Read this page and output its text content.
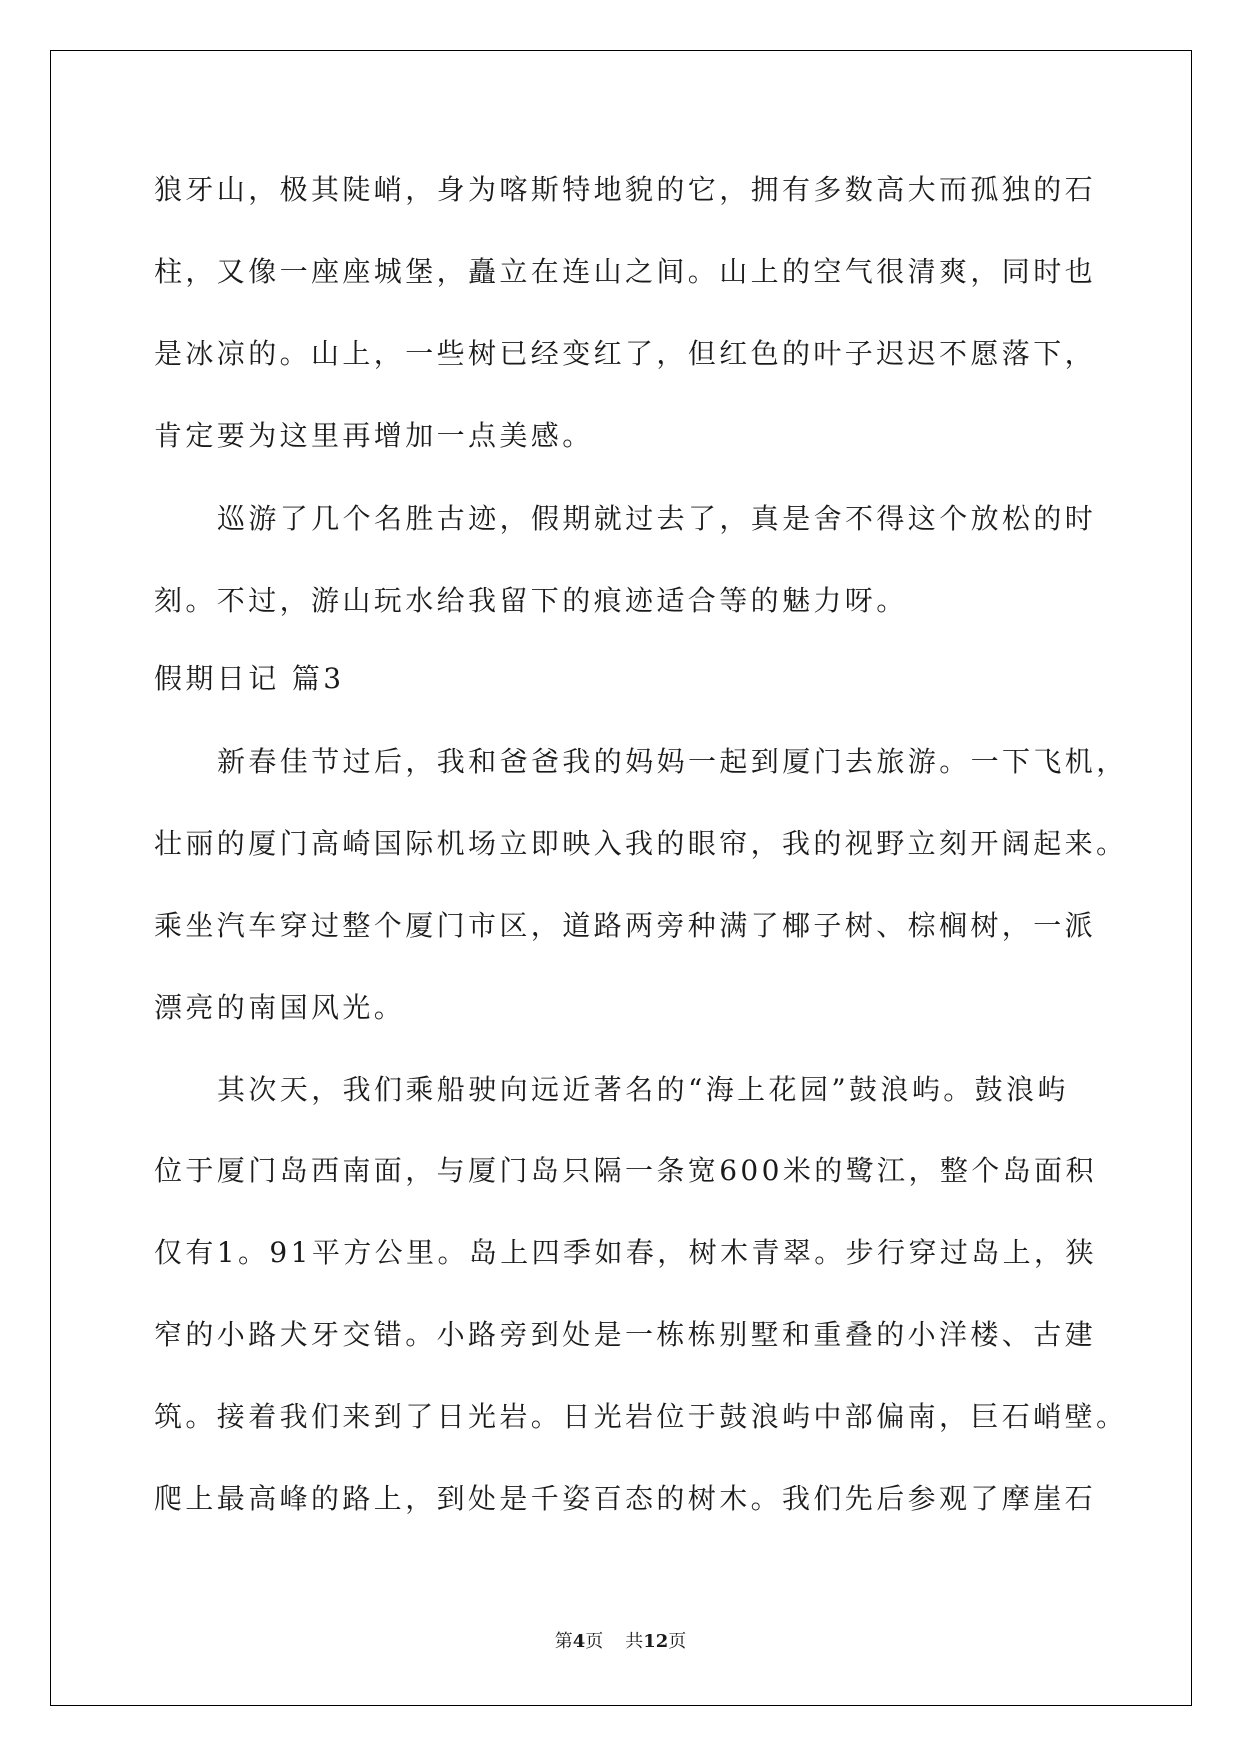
狼牙山，极其陡峭，身为喀斯特地貌的它，拥有多数高大而孤独的石
柱，又像一座座城堡，矗立在连山之间。山上的空气很清爽，同时也
是冰凉的。山上，一些树已经变红了，但红色的叶子迟迟不愿落下，
肯定要为这里再增加一点美感。
巡游了几个名胜古迹，假期就过去了，真是舍不得这个放松的时
刻。不过，游山玩水给我留下的痕迹适合等的魅力呀。
假期日记 篇3
新春佳节过后，我和爸爸我的妈妈一起到厦门去旅游。一下飞机，
壮丽的厦门高崎国际机场立即映入我的眼帘，我的视野立刻开阔起来。
乘坐汽车穿过整个厦门市区，道路两旁种满了椰子树、棕榈树，一派
漂亮的南国风光。
其次天，我们乘船驶向远近著名的“海上花园”鼓浪屿。鼓浪屿
位于厦门岛西南面，与厦门岛只隔一条宽600米的鹭江，整个岛面积
仅有1。91平方公里。岛上四季如春，树木青翠。步行穿过岛上，狭
窄的小路犬牙交错。小路旁到处是一栋栋别墅和重叠的小洋楼、古建
筑。接着我们来到了日光岩。日光岩位于鼓浪屿中部偏南，巨石峭壁。
爬上最高峰的路上，到处是千姿百态的树木。我们先后参观了摩崖石
第4页 共12页
